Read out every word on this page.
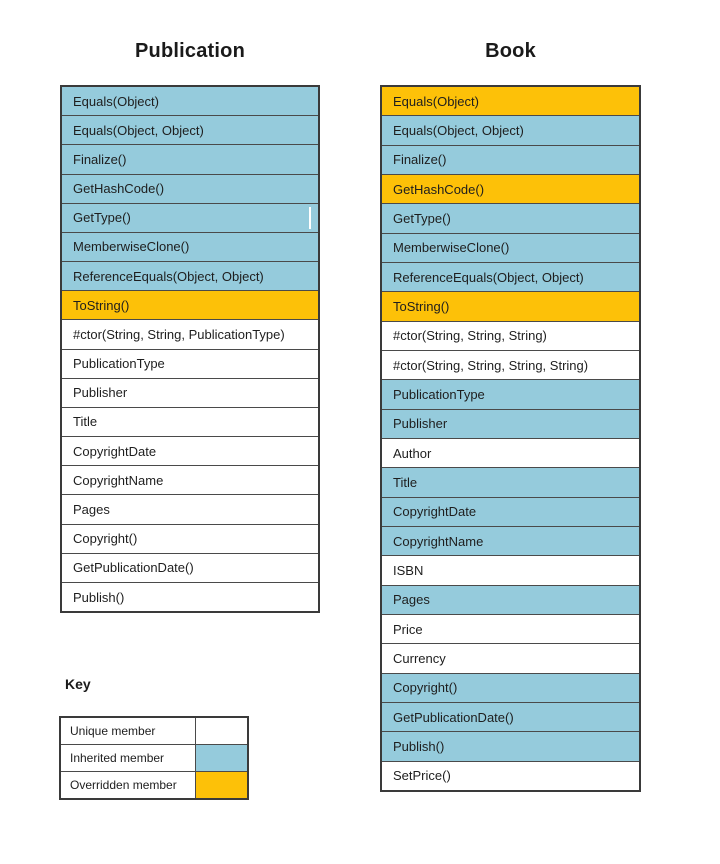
Publication	Book
Equals(Object)
Equals(Object, Object)
Finalize()
GetHashCode()
GetType()
MemberwiseClone()
ReferenceEquals(Object, Object)
ToString()
#ctor(String, String, PublicationType)
PublicationType
Publisher
Title
CopyrightDate
CopyrightName
Pages
Copyright()
GetPublicationDate()
Publish()
Equals(Object)
Equals(Object, Object)
Finalize()
GetHashCode()
GetType()
MemberwiseClone()
ReferenceEquals(Object, Object)
ToString()
#ctor(String, String, String)
#ctor(String, String, String, String)
PublicationType
Publisher
Author
Title
CopyrightDate
CopyrightName
ISBN
Pages
Price
Currency
Copyright()
GetPublicationDate()
Publish()
SetPrice()
Key
Unique member
Inherited member
Overridden member
